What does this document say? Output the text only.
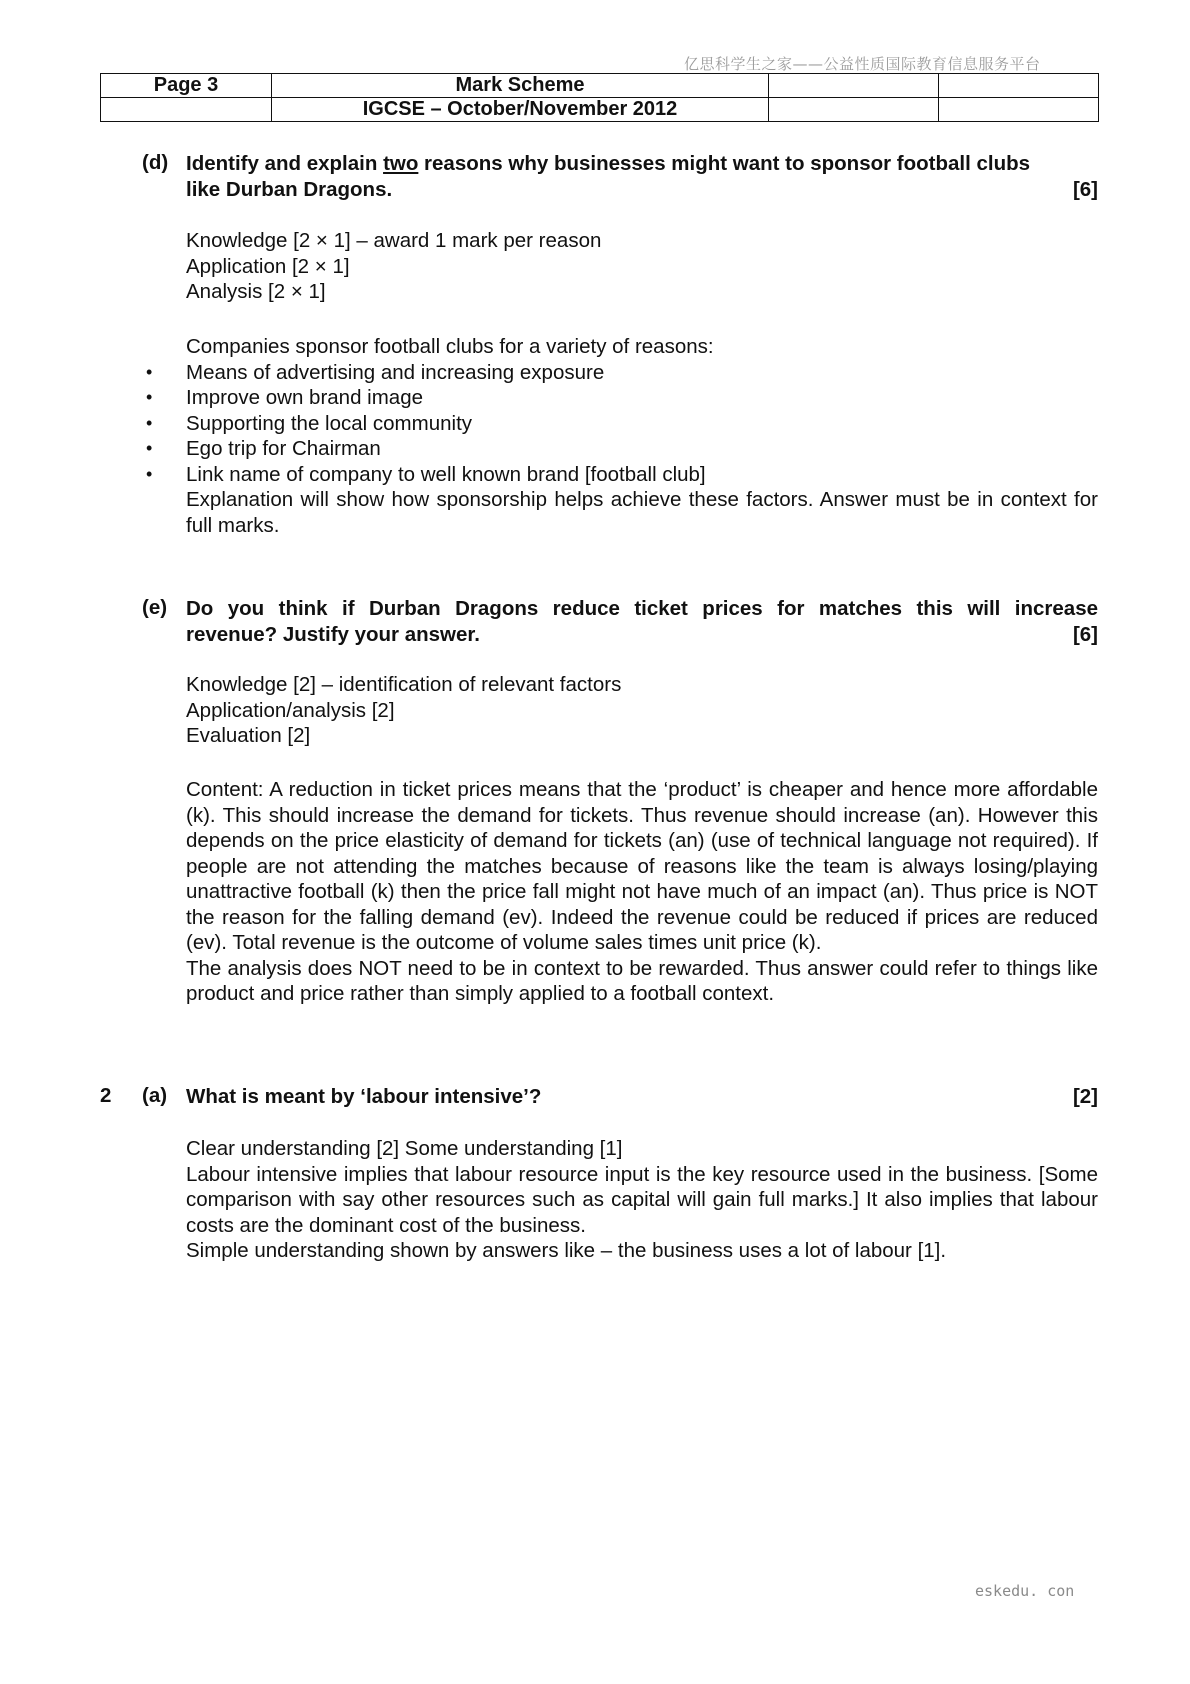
亿思科学生之家——公益性质国际教育信息服务平台
Page 3	Mark Scheme		
	IGCSE – October/November 2012		
(d) Identify and explain two reasons why businesses might want to sponsor football clubs
like Durban Dragons.	[6]

Knowledge [2 × 1] – award 1 mark per reason

Application [2 × 1]

Analysis [2 × 1]

Companies sponsor football clubs for a variety of reasons:

• Means of advertising and increasing exposure
• Improve own brand image
• Supporting the local community
• Ego trip for Chairman
• Link name of company to well known brand [football club]

Explanation will show how sponsorship helps achieve these factors. Answer must be in context for full marks.

(e) Do you think if Durban Dragons reduce ticket prices for matches this will increase
revenue? Justify your answer.	[6]

Knowledge [2] – identification of relevant factors

Application/analysis [2]

Evaluation [2]

Content: A reduction in ticket prices means that the ‘product’ is cheaper and hence more affordable (k). This should increase the demand for tickets. Thus revenue should increase (an). However this depends on the price elasticity of demand for tickets (an) (use of technical language not required). If people are not attending the matches because of reasons like the team is always losing/playing unattractive football (k) then the price fall might not have much of an impact (an). Thus price is NOT the reason for the falling demand (ev). Indeed the revenue could be reduced if prices are reduced (ev). Total revenue is the outcome of volume sales times unit price (k).

The analysis does NOT need to be in context to be rewarded. Thus answer could refer to things like product and price rather than simply applied to a football context.

2 (a) What is meant by ‘labour intensive’?	[2]

Clear understanding [2] Some understanding [1]

Labour intensive implies that labour resource input is the key resource used in the business. [Some comparison with say other resources such as capital will gain full marks.] It also implies that labour costs are the dominant cost of the business.

Simple understanding shown by answers like – the business uses a lot of labour [1].

eskedu. con
